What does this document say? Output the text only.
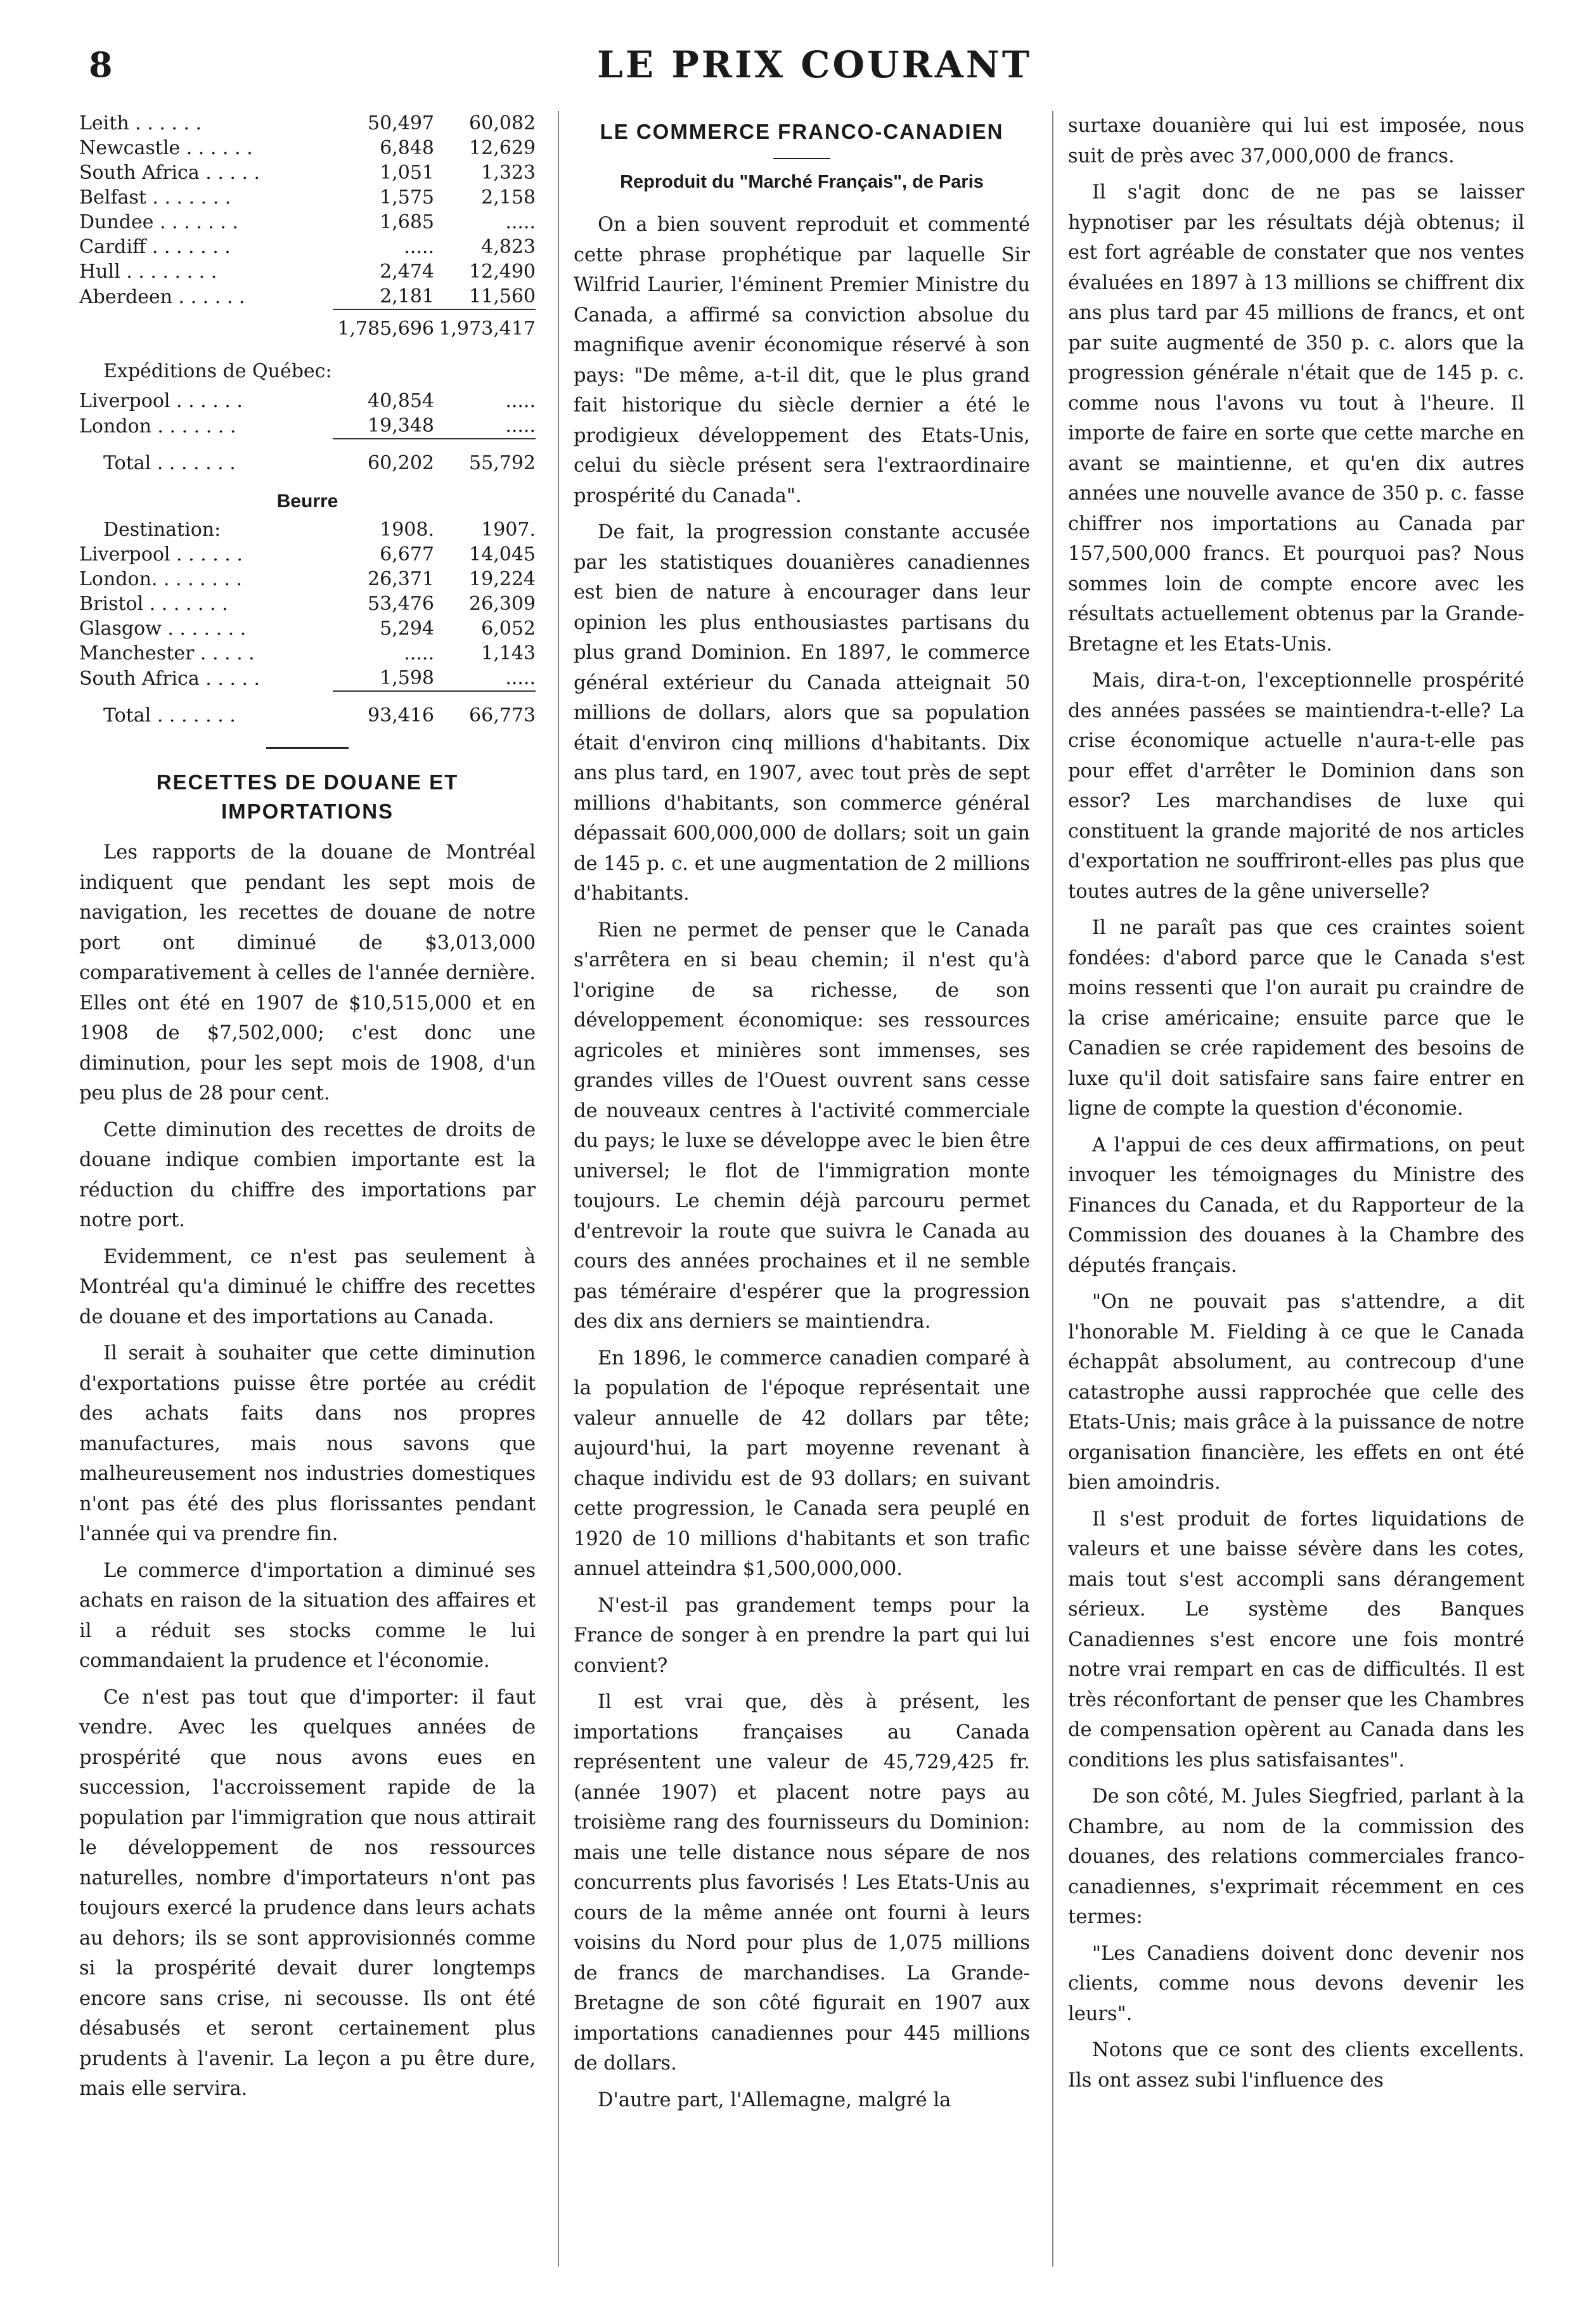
8	LE PRIX COURANT
Leith . . . . . .	50,497	60,082
Newcastle . . . . . .	6,848	12,629
South Africa . . . . .	1,051	1,323
Belfast . . . . . . .	1,575	2,158
Dundee . . . . . . .	1,685	.....
Cardiff . . . . . . .	.....	4,823
Hull . . . . . . . .	2,474	12,490
Aberdeen . . . . . .	2,181	11,560
	1,785,696	1,973,417
Expéditions de Québec:
Liverpool . . . . . .	40,854	.....
London . . . . . . .	19,348	.....
Total . . . . . . .	60,202	55,792
Beurre
Destination:	1908.	1907.
Liverpool . . . . . .	6,677	14,045
London. . . . . . . .	26,371	19,224
Bristol . . . . . . .	53,476	26,309
Glasgow . . . . . . .	5,294	6,052
Manchester . . . . .	.....	1,143
South Africa . . . . .	1,598	.....
Total . . . . . . .	93,416	66,773
RECETTES DE DOUANE ET IMPORTATIONS

Les rapports de la douane de Montréal indiquent que pendant les sept mois de navigation, les recettes de douane de notre port ont diminué de $3,013,000 comparativement à celles de l'année dernière. Elles ont été en 1907 de $10,515,000 et en 1908 de $7,502,000; c'est donc une diminution, pour les sept mois de 1908, d'un peu plus de 28 pour cent.

Cette diminution des recettes de droits de douane indique combien importante est la réduction du chiffre des importations par notre port.

Evidemment, ce n'est pas seulement à Montréal qu'a diminué le chiffre des recettes de douane et des importations au Canada.

Il serait à souhaiter que cette diminution d'exportations puisse être portée au crédit des achats faits dans nos propres manufactures, mais nous savons que malheureusement nos industries domestiques n'ont pas été des plus florissantes pendant l'année qui va prendre fin.

Le commerce d'importation a diminué ses achats en raison de la situation des affaires et il a réduit ses stocks comme le lui commandaient la prudence et l'économie.

Ce n'est pas tout que d'importer: il faut vendre. Avec les quelques années de prospérité que nous avons eues en succession, l'accroissement rapide de la population par l'immigration que nous attirait le développement de nos ressources naturelles, nombre d'importateurs n'ont pas toujours exercé la prudence dans leurs achats au dehors; ils se sont approvisionnés comme si la prospérité devait durer longtemps encore sans crise, ni secousse. Ils ont été désabusés et seront certainement plus prudents à l'avenir. La leçon a pu être dure, mais elle servira.

LE COMMERCE FRANCO-CANADIEN
Reproduit du "Marché Français", de Paris

On a bien souvent reproduit et commenté cette phrase prophétique par laquelle Sir Wilfrid Laurier, l'éminent Premier Ministre du Canada, a affirmé sa conviction absolue du magnifique avenir économique réservé à son pays: "De même, a-t-il dit, que le plus grand fait historique du siècle dernier a été le prodigieux développement des Etats-Unis, celui du siècle présent sera l'extraordinaire prospérité du Canada".

De fait, la progression constante accusée par les statistiques douanières canadiennes est bien de nature à encourager dans leur opinion les plus enthousiastes partisans du plus grand Dominion. En 1897, le commerce général extérieur du Canada atteignait 50 millions de dollars, alors que sa population était d'environ cinq millions d'habitants. Dix ans plus tard, en 1907, avec tout près de sept millions d'habitants, son commerce général dépassait 600,000,000 de dollars; soit un gain de 145 p. c. et une augmentation de 2 millions d'habitants.

Rien ne permet de penser que le Canada s'arrêtera en si beau chemin; il n'est qu'à l'origine de sa richesse, de son développement économique: ses ressources agricoles et minières sont immenses, ses grandes villes de l'Ouest ouvrent sans cesse de nouveaux centres à l'activité commerciale du pays; le luxe se développe avec le bien être universel; le flot de l'immigration monte toujours. Le chemin déjà parcouru permet d'entrevoir la route que suivra le Canada au cours des années prochaines et il ne semble pas téméraire d'espérer que la progression des dix ans derniers se maintiendra.

En 1896, le commerce canadien comparé à la population de l'époque représentait une valeur annuelle de 42 dollars par tête; aujourd'hui, la part moyenne revenant à chaque individu est de 93 dollars; en suivant cette progression, le Canada sera peuplé en 1920 de 10 millions d'habitants et son trafic annuel atteindra $1,500,000,000.

N'est-il pas grandement temps pour la France de songer à en prendre la part qui lui convient?

Il est vrai que, dès à présent, les importations françaises au Canada représentent une valeur de 45,729,425 fr. (année 1907) et placent notre pays au troisième rang des fournisseurs du Dominion: mais une telle distance nous sépare de nos concurrents plus favorisés ! Les Etats-Unis au cours de la même année ont fourni à leurs voisins du Nord pour plus de 1,075 millions de francs de marchandises. La Grande-Bretagne de son côté figurait en 1907 aux importations canadiennes pour 445 millions de dollars.

D'autre part, l'Allemagne, malgré la

surtaxe douanière qui lui est imposée, nous suit de près avec 37,000,000 de francs.

Il s'agit donc de ne pas se laisser hypnotiser par les résultats déjà obtenus; il est fort agréable de constater que nos ventes évaluées en 1897 à 13 millions se chiffrent dix ans plus tard par 45 millions de francs, et ont par suite augmenté de 350 p. c. alors que la progression générale n'était que de 145 p. c. comme nous l'avons vu tout à l'heure. Il importe de faire en sorte que cette marche en avant se maintienne, et qu'en dix autres années une nouvelle avance de 350 p. c. fasse chiffrer nos importations au Canada par 157,500,000 francs. Et pourquoi pas? Nous sommes loin de compte encore avec les résultats actuellement obtenus par la Grande-Bretagne et les Etats-Unis.

Mais, dira-t-on, l'exceptionnelle prospérité des années passées se maintiendra-t-elle? La crise économique actuelle n'aura-t-elle pas pour effet d'arrêter le Dominion dans son essor? Les marchandises de luxe qui constituent la grande majorité de nos articles d'exportation ne souffriront-elles pas plus que toutes autres de la gêne universelle?

Il ne paraît pas que ces craintes soient fondées: d'abord parce que le Canada s'est moins ressenti que l'on aurait pu craindre de la crise américaine; ensuite parce que le Canadien se crée rapidement des besoins de luxe qu'il doit satisfaire sans faire entrer en ligne de compte la question d'économie.

A l'appui de ces deux affirmations, on peut invoquer les témoignages du Ministre des Finances du Canada, et du Rapporteur de la Commission des douanes à la Chambre des députés français.

"On ne pouvait pas s'attendre, a dit l'honorable M. Fielding à ce que le Canada échappât absolument, au contrecoup d'une catastrophe aussi rapprochée que celle des Etats-Unis; mais grâce à la puissance de notre organisation financière, les effets en ont été bien amoindris.

Il s'est produit de fortes liquidations de valeurs et une baisse sévère dans les cotes, mais tout s'est accompli sans dérangement sérieux. Le système des Banques Canadiennes s'est encore une fois montré notre vrai rempart en cas de difficultés. Il est très réconfortant de penser que les Chambres de compensation opèrent au Canada dans les conditions les plus satisfaisantes".

De son côté, M. Jules Siegfried, parlant à la Chambre, au nom de la commission des douanes, des relations commerciales franco-canadiennes, s'exprimait récemment en ces termes:

"Les Canadiens doivent donc devenir nos clients, comme nous devons devenir les leurs".

Notons que ce sont des clients excellents. Ils ont assez subi l'influence des
